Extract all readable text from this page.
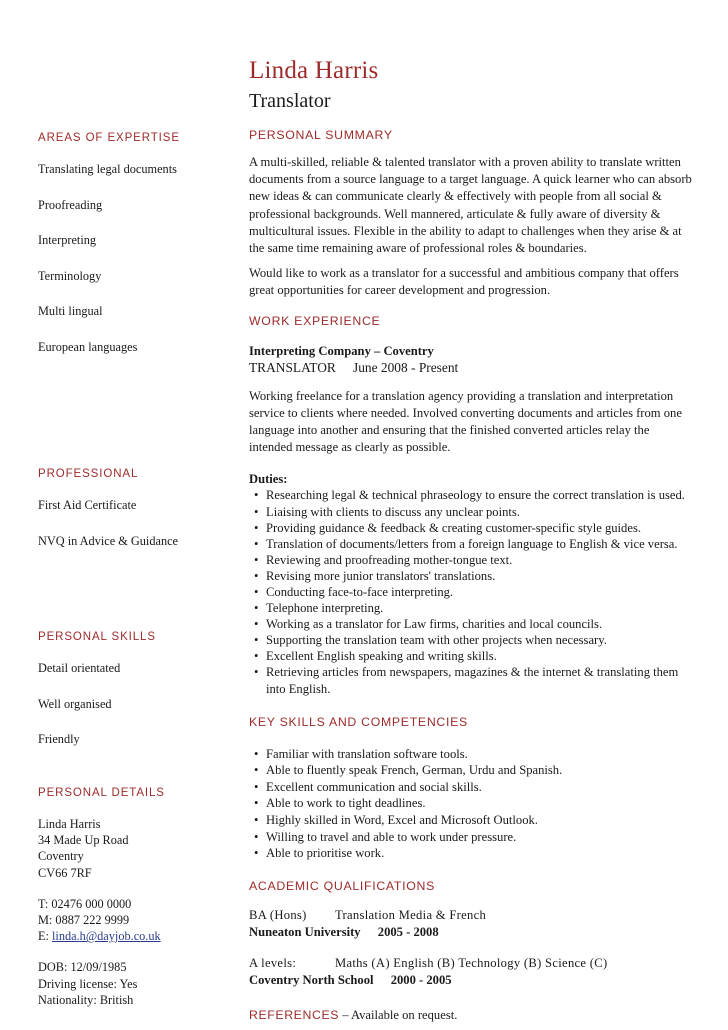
AREAS OF EXPERTISE
Translating legal documents
Proofreading
Interpreting
Terminology
Multi lingual
European languages
PROFESSIONAL
First Aid Certificate
NVQ in Advice & Guidance
PERSONAL SKILLS
Detail orientated
Well organised
Friendly
PERSONAL DETAILS
Linda Harris
34 Made Up Road
Coventry
CV66 7RF
T: 02476 000 0000
M: 0887 222 9999
E: linda.h@dayjob.co.uk
DOB: 12/09/1985
Driving license: Yes
Nationality: British
Linda Harris
Translator
PERSONAL SUMMARY

A multi-skilled, reliable & talented translator with a proven ability to translate written documents from a source language to a target language. A quick learner who can absorb new ideas & can communicate clearly & effectively with people from all social & professional backgrounds. Well mannered, articulate & fully aware of diversity & multicultural issues. Flexible in the ability to adapt to challenges when they arise & at the same time remaining aware of professional roles & boundaries.

Would like to work as a translator for a successful and ambitious company that offers great opportunities for career development and progression.

WORK EXPERIENCE
Interpreting Company – Coventry
TRANSLATOR	June 2008 - Present

Working freelance for a translation agency providing a translation and interpretation service to clients where needed. Involved converting documents and articles from one language into another and ensuring that the finished converted articles relay the intended message as clearly as possible.

Duties:
• Researching legal & technical phraseology to ensure the correct translation is used.
• Liaising with clients to discuss any unclear points.
• Providing guidance & feedback & creating customer-specific style guides.
• Translation of documents/letters from a foreign language to English & vice versa.
• Reviewing and proofreading mother-tongue text.
• Revising more junior translators' translations.
• Conducting face-to-face interpreting.
• Telephone interpreting.
• Working as a translator for Law firms, charities and local councils.
• Supporting the translation team with other projects when necessary.
• Excellent English speaking and writing skills.
• Retrieving articles from newspapers, magazines & the internet & translating them into English.
KEY SKILLS AND COMPETENCIES
• Familiar with translation software tools.
• Able to fluently speak French, German, Urdu and Spanish.
• Excellent communication and social skills.
• Able to work to tight deadlines.
• Highly skilled in Word, Excel and Microsoft Outlook.
• Willing to travel and able to work under pressure.
• Able to prioritise work.
ACADEMIC QUALIFICATIONS
BA (Hons)	Translation Media & French
Nuneaton University 2005 - 2008
A levels:	Maths (A) English (B) Technology (B) Science (C)
Coventry North School 2000 - 2005
REFERENCES – Available on request.
